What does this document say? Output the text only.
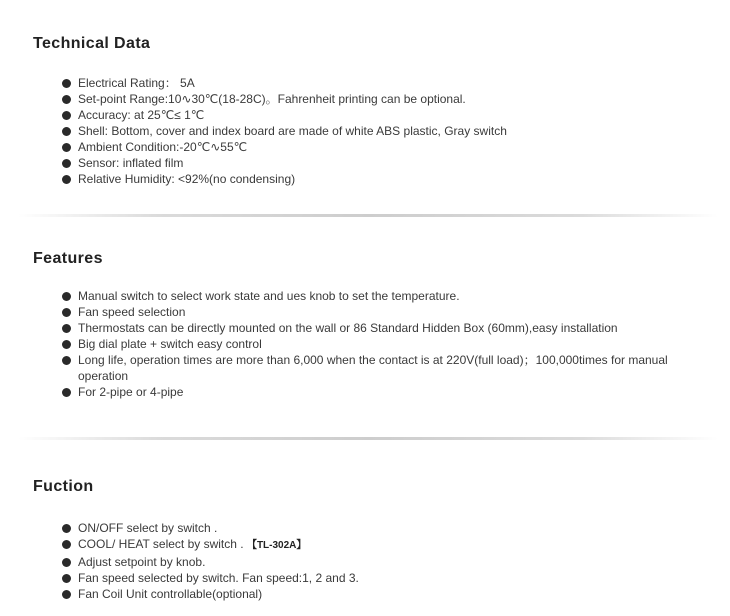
Technical Data
Electrical Rating： 5A
Set-point Range:10∿30℃(18-28C)。Fahrenheit printing can be optional.
Accuracy: at 25℃≤ 1℃
Shell: Bottom, cover and index board are made of white ABS plastic, Gray switch
Ambient Condition:-20℃∿55℃
Sensor: inflated film
Relative Humidity: <92%(no condensing)
Features
Manual switch to select work state and ues knob to set the temperature.
Fan speed selection
Thermostats can be directly mounted on the wall or 86 Standard Hidden Box (60mm),easy installation
Big dial plate + switch easy control
Long life, operation times are more than 6,000 when the contact is at 220V(full load)；100,000times for manual operation
For 2-pipe or 4-pipe
Fuction
ON/OFF select by switch .
COOL/ HEAT select by switch . 【TL-302A】
Adjust setpoint by knob.
Fan speed selected by switch. Fan speed:1, 2 and 3.
Fan Coil Unit controllable(optional)
